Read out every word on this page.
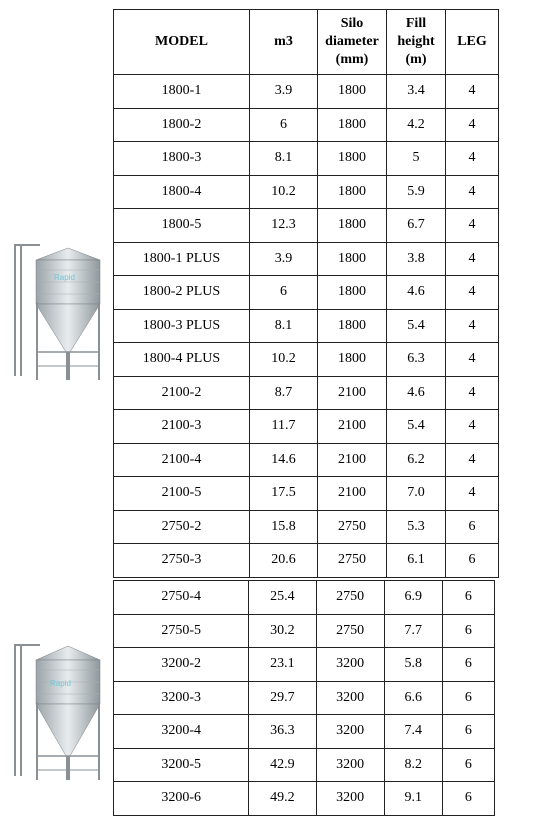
Rapid
Rapid
MODEL	m3	Silo
diameter
(mm)	Fill
height
(m)	LEG
1800-1	3.9	1800	3.4	4
1800-2	6	1800	4.2	4
1800-3	8.1	1800	5	4
1800-4	10.2	1800	5.9	4
1800-5	12.3	1800	6.7	4
1800-1 PLUS	3.9	1800	3.8	4
1800-2 PLUS	6	1800	4.6	4
1800-3 PLUS	8.1	1800	5.4	4
1800-4 PLUS	10.2	1800	6.3	4
2100-2	8.7	2100	4.6	4
2100-3	11.7	2100	5.4	4
2100-4	14.6	2100	6.2	4
2100-5	17.5	2100	7.0	4
2750-2	15.8	2750	5.3	6
2750-3	20.6	2750	6.1	6
2750-4	25.4	2750	6.9	6
2750-5	30.2	2750	7.7	6
3200-2	23.1	3200	5.8	6
3200-3	29.7	3200	6.6	6
3200-4	36.3	3200	7.4	6
3200-5	42.9	3200	8.2	6
3200-6	49.2	3200	9.1	6
